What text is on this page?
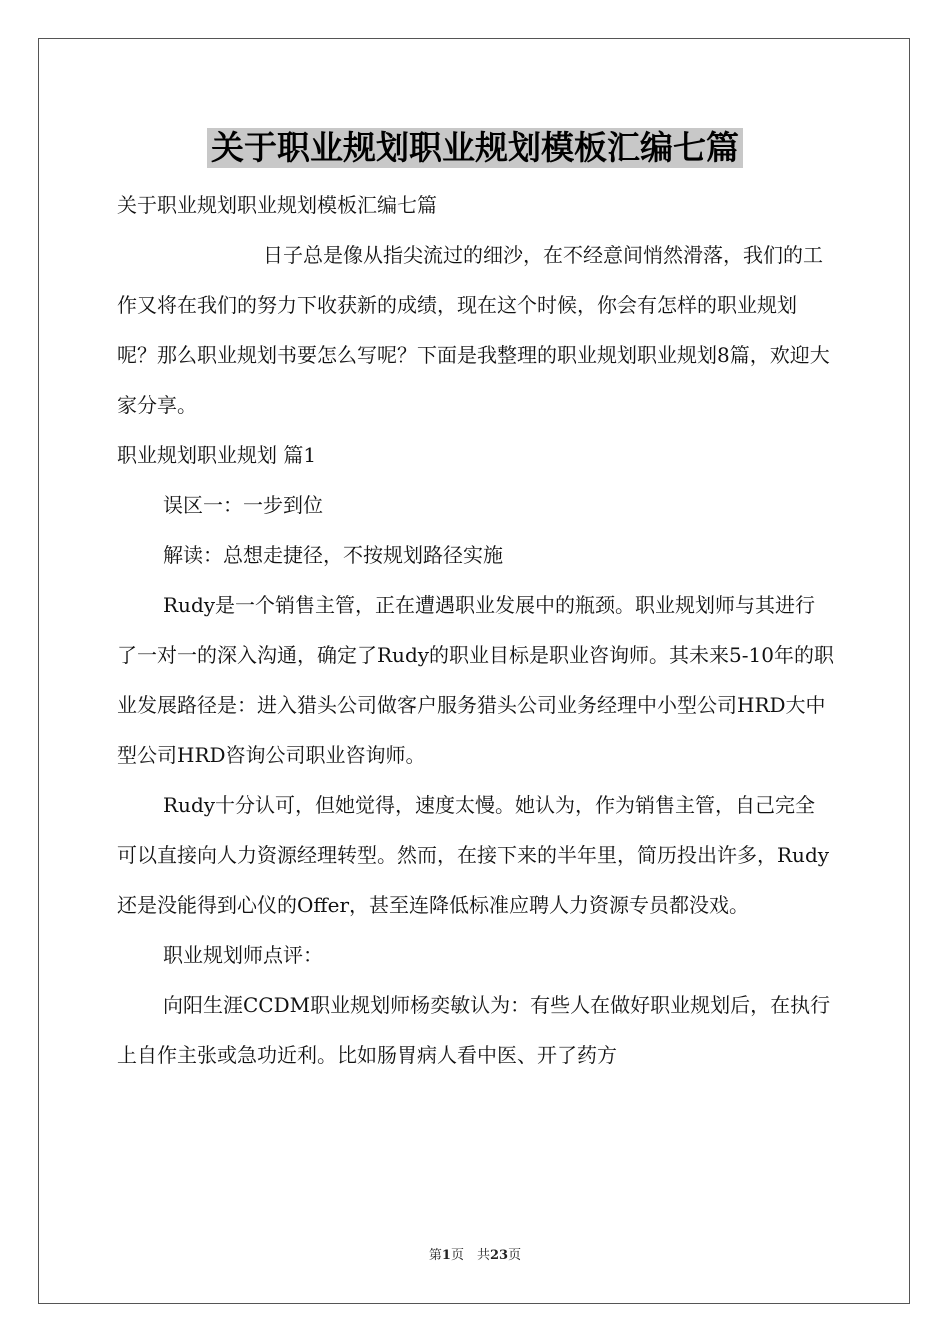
关于职业规划职业规划模板汇编七篇

关于职业规划职业规划模板汇编七篇

日子总是像从指尖流过的细沙，在不经意间悄然滑落，我们的工作又将在我们的努力下收获新的成绩，现在这个时候，你会有怎样的职业规划呢？那么职业规划书要怎么写呢？下面是我整理的职业规划职业规划8篇，欢迎大家分享。

职业规划职业规划 篇1

误区一：一步到位

解读：总想走捷径，不按规划路径实施

Rudy是一个销售主管，正在遭遇职业发展中的瓶颈。职业规划师与其进行了一对一的深入沟通，确定了Rudy的职业目标是职业咨询师。其未来5-10年的职业发展路径是：进入猎头公司做客户服务猎头公司业务经理中小型公司HRD大中型公司HRD咨询公司职业咨询师。

Rudy十分认可，但她觉得，速度太慢。她认为，作为销售主管，自己完全可以直接向人力资源经理转型。然而，在接下来的半年里，简历投出许多，Rudy还是没能得到心仪的Offer，甚至连降低标准应聘人力资源专员都没戏。

职业规划师点评：

向阳生涯CCDM职业规划师杨奕敏认为：有些人在做好职业规划后，在执行上自作主张或急功近利。比如肠胃病人看中医、开了药方

第1页　共23页
